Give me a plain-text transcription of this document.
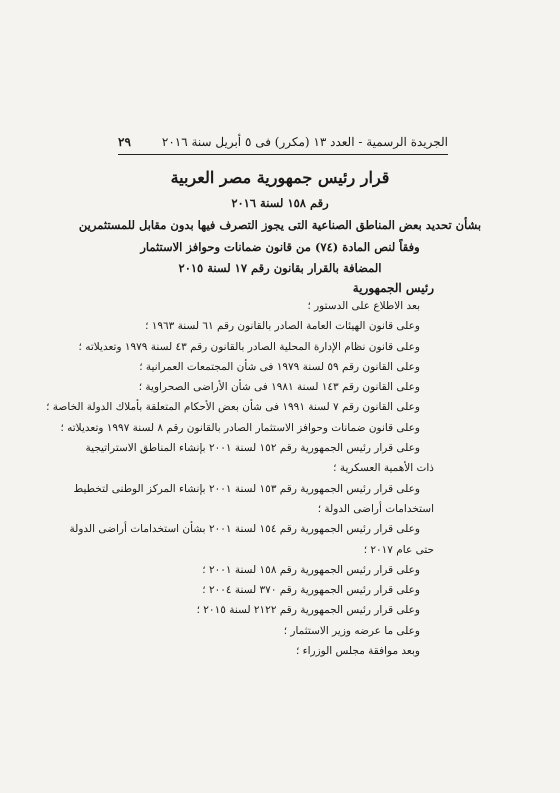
الجريدة الرسمية - العدد ١٣ (مكرر) فى ٥ أبريل سنة ٢٠١٦
٢٩
قرار رئيس جمهورية مصر العربية
رقم ١٥٨ لسنة ٢٠١٦
بشأن تحديد بعض المناطق الصناعية التى يجوز التصرف فيها بدون مقابل للمستثمرين
وفقاً لنص المادة (٧٤) من قانون ضمانات وحوافز الاستثمار
المضافة بالقرار بقانون رقم ١٧ لسنة ٢٠١٥
رئيس الجمهورية
بعد الاطلاع على الدستور ؛
وعلى قانون الهيئات العامة الصادر بالقانون رقم ٦١ لسنة ١٩٦٣ ؛
وعلى قانون نظام الإدارة المحلية الصادر بالقانون رقم ٤٣ لسنة ١٩٧٩ وتعديلاته ؛
وعلى القانون رقم ٥٩ لسنة ١٩٧٩ فى شأن المجتمعات العمرانية ؛
وعلى القانون رقم ١٤٣ لسنة ١٩٨١ فى شأن الأراضى الصحراوية ؛
وعلى القانون رقم ٧ لسنة ١٩٩١ فى شأن بعض الأحكام المتعلقة بأملاك الدولة الخاصة ؛
وعلى قانون ضمانات وحوافز الاستثمار الصادر بالقانون رقم ٨ لسنة ١٩٩٧ وتعديلاته ؛
وعلى قرار رئيس الجمهورية رقم ١٥٢ لسنة ٢٠٠١ بإنشاء المناطق الاستراتيجية
ذات الأهمية العسكرية ؛
وعلى قرار رئيس الجمهورية رقم ١٥٣ لسنة ٢٠٠١ بإنشاء المركز الوطنى لتخطيط
استخدامات أراضى الدولة ؛
وعلى قرار رئيس الجمهورية رقم ١٥٤ لسنة ٢٠٠١ بشأن استخدامات أراضى الدولة
حتى عام ٢٠١٧ ؛
وعلى قرار رئيس الجمهورية رقم ١٥٨ لسنة ٢٠٠١ ؛
وعلى قرار رئيس الجمهورية رقم ٣٧٠ لسنة ٢٠٠٤ ؛
وعلى قرار رئيس الجمهورية رقم ٢١٢٢ لسنة ٢٠١٥ ؛
وعلى ما عرضه وزير الاستثمار ؛
وبعد موافقة مجلس الوزراء ؛
